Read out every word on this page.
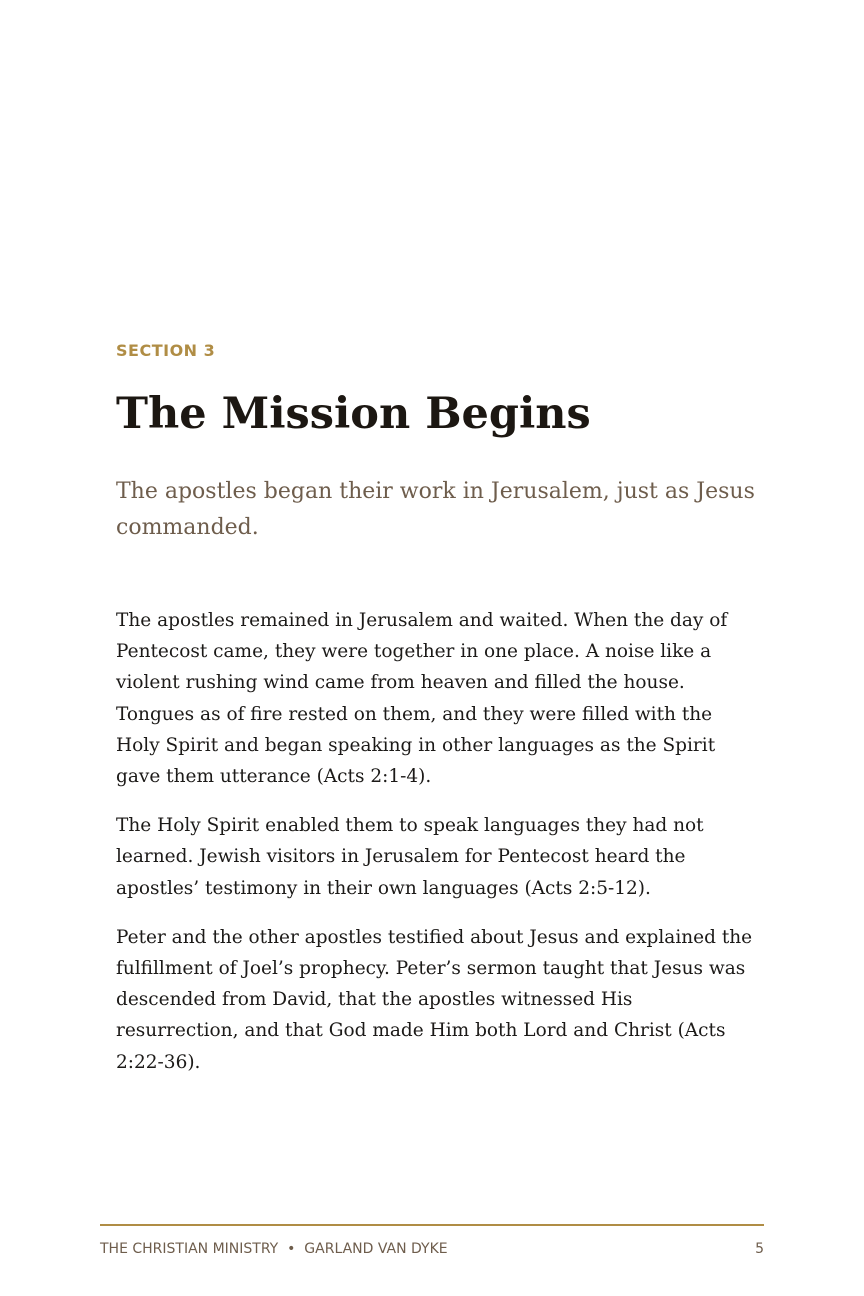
SECTION 3

The Mission Begins

The apostles began their work in Jerusalem, just as Jesus commanded.

The apostles remained in Jerusalem and waited. When the day of Pentecost came, they were together in one place. A noise like a violent rushing wind came from heaven and filled the house. Tongues as of fire rested on them, and they were filled with the Holy Spirit and began speaking in other languages as the Spirit gave them utterance (Acts 2:1-4).

The Holy Spirit enabled them to speak languages they had not learned. Jewish visitors in Jerusalem for Pentecost heard the apostles’ testimony in their own languages (Acts 2:5-12).

Peter and the other apostles testified about Jesus and explained the fulfillment of Joel’s prophecy. Peter’s sermon taught that Jesus was descended from David, that the apostles witnessed His resurrection, and that God made Him both Lord and Christ (Acts 2:22-36).

THE CHRISTIAN MINISTRY  •  GARLAND VAN DYKE	5
